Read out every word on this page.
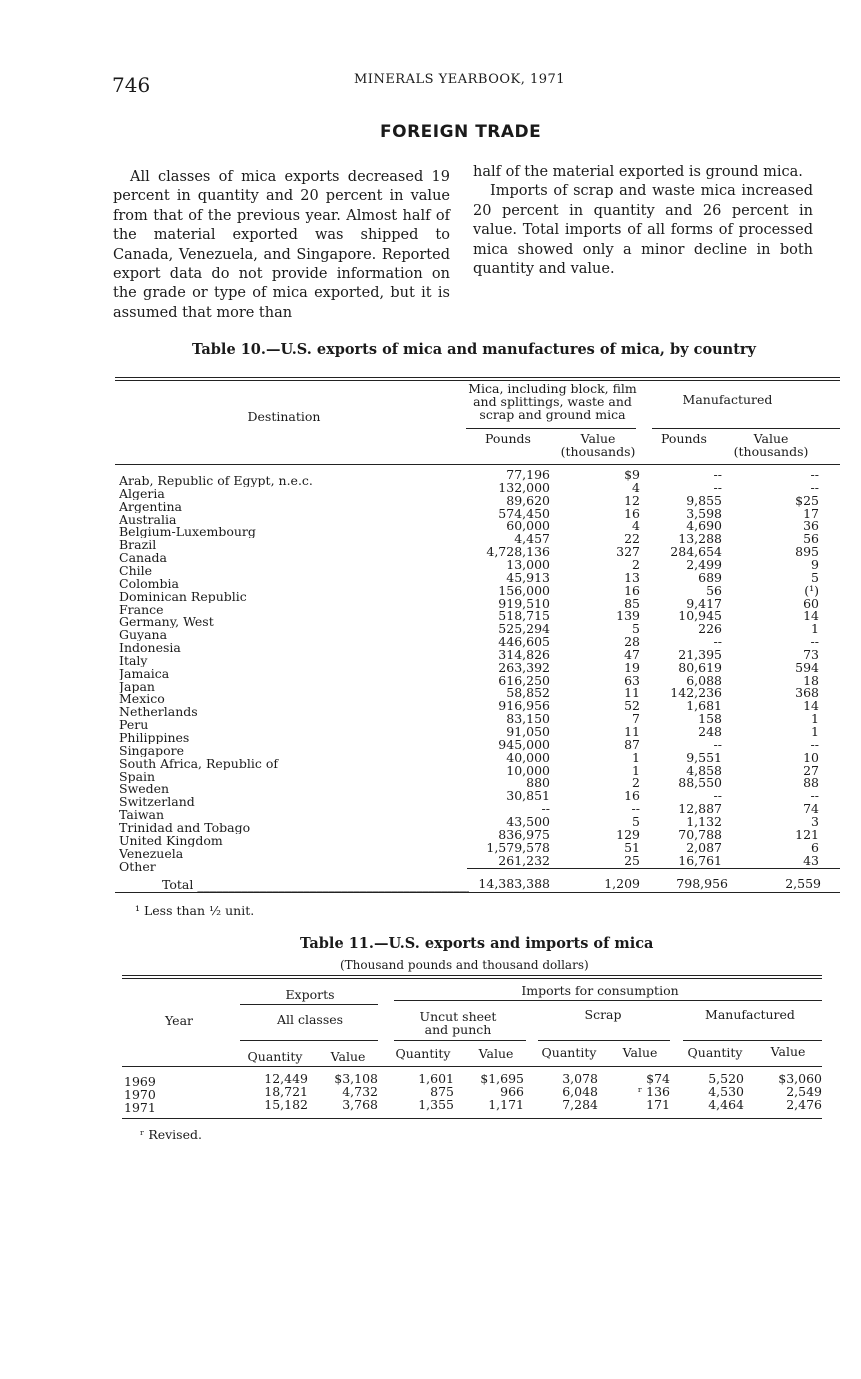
746	MINERALS YEARBOOK, 1971
FOREIGN TRADE

All classes of mica exports decreased 19 percent in quantity and 20 percent in value from that of the previous year. Almost half of the material exported was shipped to Canada, Venezuela, and Singapore. Reported export data do not provide information on the grade or type of mica exported, but it is assumed that more than

half of the material exported is ground mica.

Imports of scrap and waste mica increased 20 percent in quantity and 26 percent in value. Total imports of all forms of processed mica showed only a minor decline in both quantity and value.

Table 10.—U.S. exports of mica and manufactures of mica, by country
Destination
Mica, including block, film and splittings, waste and scrap and ground mica
Manufactured
Pounds	Value (thousands)
Pounds	Value (thousands)
Arab, Republic of Egypt, n.e.c. _____	77,196	$9	--	--
Algeria _____	132,000	4	--	--
Argentina _____	89,620	12	9,855	$25
Australia _____	574,450	16	3,598	17
Belgium-Luxembourg _____	60,000	4	4,690	36
Brazil _____	4,457	22	13,288	56
Canada _____	4,728,136	327	284,654	895
Chile _____	13,000	2	2,499	9
Colombia _____	45,913	13	689	5
Dominican Republic _____	156,000	16	56	(¹)
France _____	919,510	85	9,417	60
Germany, West _____	518,715	139	10,945	14
Guyana _____	525,294	5	226	1
Indonesia _____	446,605	28	--	--
Italy _____	314,826	47	21,395	73
Jamaica _____	263,392	19	80,619	594
Japan _____	616,250	63	6,088	18
Mexico _____	58,852	11	142,236	368
Netherlands _____	916,956	52	1,681	14
Peru _____	83,150	7	158	1
Philippines _____	91,050	11	248	1
Singapore _____	945,000	87	--	--
South Africa, Republic of _____	40,000	1	9,551	10
Spain _____	10,000	1	4,858	27
Sweden _____	880	2	88,550	88
Switzerland _____	30,851	16	--	--
Taiwan _____	--	--	12,887	74
Trinidad and Tobago _____	43,500	5	1,132	3
United Kingdom _____	836,975	129	70,788	121
Venezuela _____	1,579,578	51	2,087	6
Other _____	261,232	25	16,761	43
Total _____	14,383,388	1,209	798,956	2,559
¹ Less than ½ unit.
Table 11.—U.S. exports and imports of mica
(Thousand pounds and thousand dollars)
Year
Exports	Imports for consumption
All classes	Uncut sheet and punch
Scrap	Manufactured
Quantity	Value	Quantity	Value	Quantity	Value	Quantity	Value
1969 _____	12,449	$3,108	1,601	$1,695	3,078	$74	5,520	$3,060
1970 _____	18,721	4,732	875	966	6,048	ʳ 136	4,530	2,549
1971 _____	15,182	3,768	1,355	1,171	7,284	171	4,464	2,476
ʳ Revised.
